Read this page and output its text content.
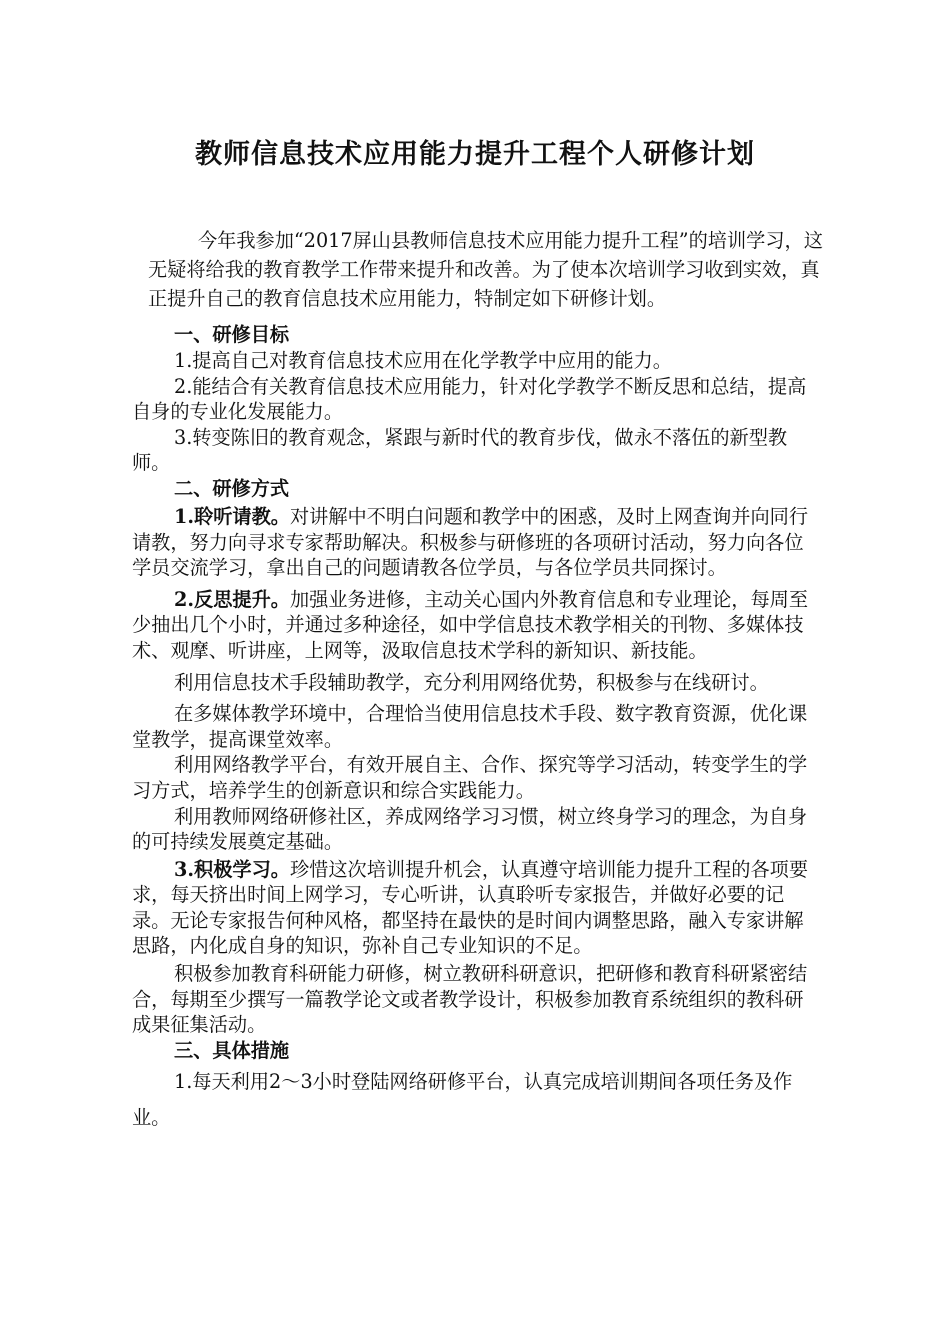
教师信息技术应用能力提升工程个人研修计划
今年我参加“2017屏山县教师信息技术应用能力提升工程”的培训学习，这无疑将给我的教育教学工作带来提升和改善。为了使本次培训学习收到实效，真正提升自己的教育信息技术应用能力，特制定如下研修计划。

一、研修目标

1.提高自己对教育信息技术应用在化学教学中应用的能力。

2.能结合有关教育信息技术应用能力，针对化学教学不断反思和总结，提高自身的专业化发展能力。

3.转变陈旧的教育观念，紧跟与新时代的教育步伐，做永不落伍的新型教师。

二、研修方式

1.聆听请教。对讲解中不明白问题和教学中的困惑，及时上网查询并向同行请教，努力向寻求专家帮助解决。积极参与研修班的各项研讨活动，努力向各位学员交流学习，拿出自己的问题请教各位学员，与各位学员共同探讨。

2.反思提升。加强业务进修，主动关心国内外教育信息和专业理论，每周至少抽出几个小时，并通过多种途径，如中学信息技术教学相关的刊物、多媒体技术、观摩、听讲座，上网等，汲取信息技术学科的新知识、新技能。

利用信息技术手段辅助教学，充分利用网络优势，积极参与在线研讨。

在多媒体教学环境中，合理恰当使用信息技术手段、数字教育资源，优化课堂教学，提高课堂效率。

利用网络教学平台，有效开展自主、合作、探究等学习活动，转变学生的学习方式，培养学生的创新意识和综合实践能力。

利用教师网络研修社区，养成网络学习习惯，树立终身学习的理念，为自身的可持续发展奠定基础。

3.积极学习。珍惜这次培训提升机会，认真遵守培训能力提升工程的各项要求，每天挤出时间上网学习，专心听讲，认真聆听专家报告，并做好必要的记录。无论专家报告何种风格，都坚持在最快的是时间内调整思路，融入专家讲解思路，内化成自身的知识，弥补自己专业知识的不足。

积极参加教育科研能力研修，树立教研科研意识，把研修和教育科研紧密结合，每期至少撰写一篇教学论文或者教学设计，积极参加教育系统组织的教科研成果征集活动。

三、具体措施

1.每天利用2～3小时登陆网络研修平台，认真完成培训期间各项任务及作业。
